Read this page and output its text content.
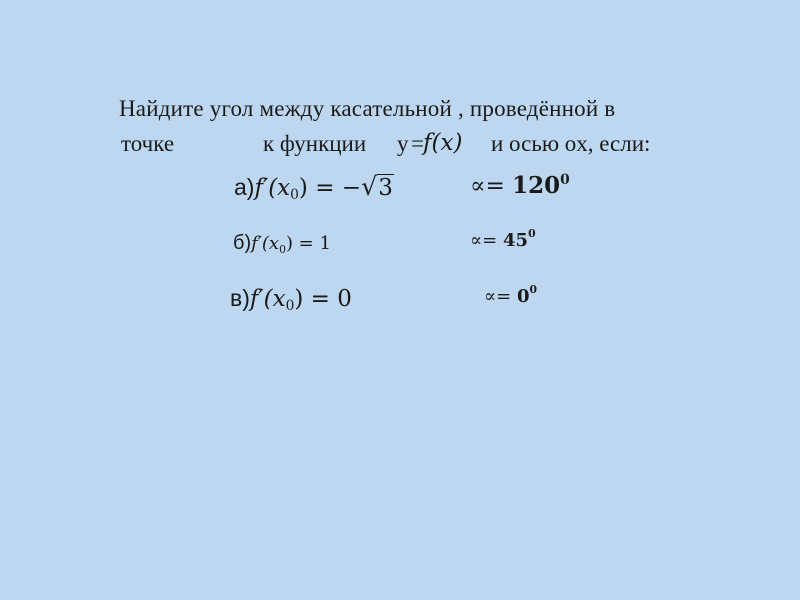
Найдите угол между касательной , проведённой в
точке	к функции y = f(x) и осью ox, если:
$а)f'(x_0) = -√3$	∝= $120^0$
$б)f'(x_0) = 1$	∝= $45^0$
$в)f'(x_0) = 0$	∝= $0^0$
